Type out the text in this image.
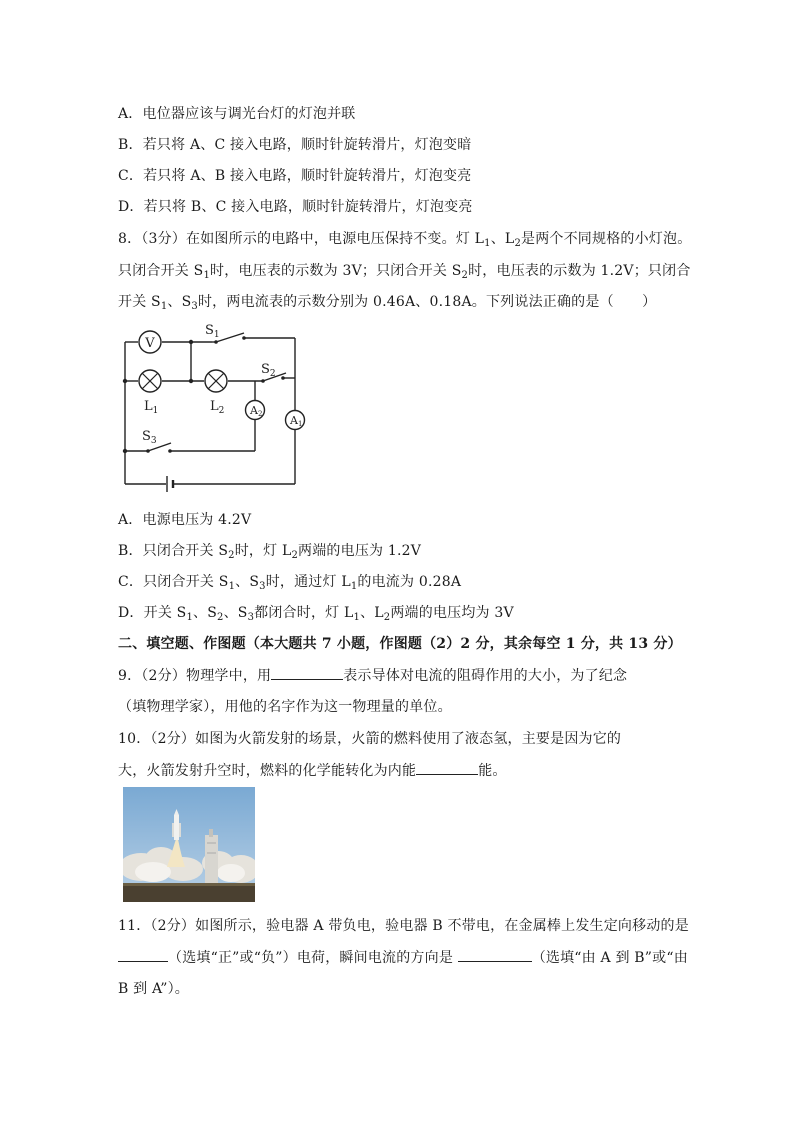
A．电位器应该与调光台灯的灯泡并联
B．若只将 A、C 接入电路，顺时针旋转滑片，灯泡变暗
C．若只将 A、B 接入电路，顺时针旋转滑片，灯泡变亮
D．若只将 B、C 接入电路，顺时针旋转滑片，灯泡变亮
8．（3分）在如图所示的电路中，电源电压保持不变。灯 $L_1$、$L_2$是两个不同规格的小灯泡。
只闭合开关 $S_1$时，电压表的示数为 3V；只闭合开关 $S_2$时，电压表的示数为 1.2V；只闭合
开关 $S_1$、$S_3$时，两电流表的示数分别为 0.46A、0.18A。下列说法正确的是（　　）
V
$S_1$
$L_1$	$L_2$
$S_2$
A2	A1
$S_3$
A．电源电压为 4.2V
B．只闭合开关 $S_2$时，灯 $L_2$两端的电压为 1.2V
C．只闭合开关 $S_1$、$S_3$时，通过灯 $L_1$的电流为 0.28A
D．开关 $S_1$、$S_2$、$S_3$都闭合时，灯 $L_1$、$L_2$两端的电压均为 3V
二、填空题、作图题（本大题共 7 小题，作图题（2）2 分，其余每空 1 分，共 13 分）
9．（2分）物理学中，用	表示导体对电流的阻碍作用的大小，为了纪念
（填物理学家），用他的名字作为这一物理量的单位。
10．（2分）如图为火箭发射的场景，火箭的燃料使用了液态氢，主要是因为它的
大，火箭发射升空时，燃料的化学能转化为内能	能。
11．（2分）如图所示，验电器 A 带负电，验电器 B 不带电，在金属棒上发生定向移动的是
（选填“正”或“负”）电荷，瞬间电流的方向是	（选填“由 A 到 B”或“由
B 到 A”）。
